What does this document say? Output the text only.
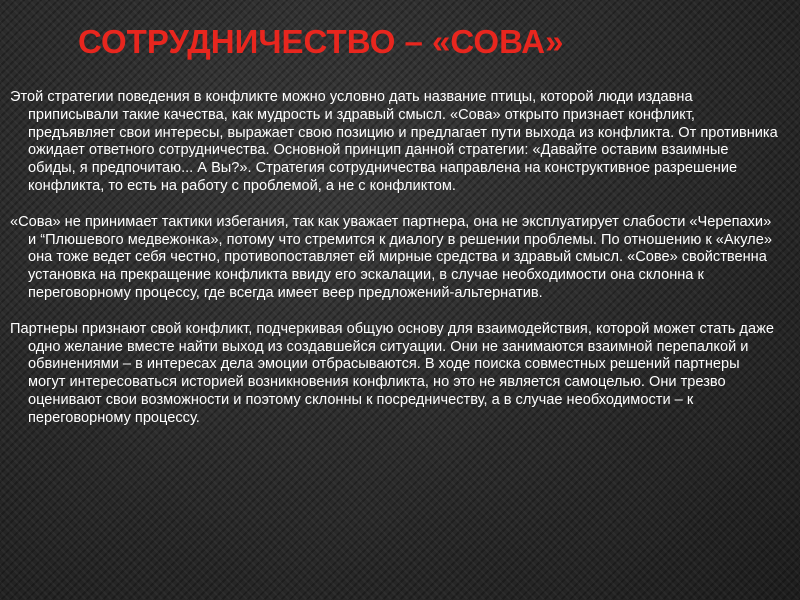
СОТРУДНИЧЕСТВО – «СОВА»

Этой стратегии поведения в конфликте можно условно дать название птицы, которой люди издавна приписывали такие качества, как мудрость и здравый смысл. «Сова» открыто признает конфликт, предъявляет свои интересы, выражает свою позицию и предлагает пути выхода из конфликта. От противника ожидает ответного сотрудничества. Основной принцип данной стратегии: «Давайте оставим взаимные обиды, я предпочитаю... А Вы?». Стратегия сотрудничества направлена на конструктивное разрешение конфликта, то есть на работу с проблемой, а не с конфликтом.

«Сова» не принимает тактики избегания, так как уважает партнера, она не эксплуатирует слабости «Черепахи» и “Плюшевого медвежонка», потому что стремится к диалогу в решении проблемы. По отношению к «Акуле» она тоже ведет себя честно, противопоставляет ей мирные средства и здравый смысл. «Сове» свойственна установка на прекращение конфликта ввиду его эскалации, в случае необходимости она склонна к переговорному процессу, где всегда имеет веер предложений-альтернатив.

Партнеры признают свой конфликт, подчеркивая общую основу для взаимодействия, которой может стать даже одно желание вместе найти выход из создавшейся ситуации. Они не занимаются взаимной перепалкой и обвинениями – в интересах дела эмоции отбрасываются. В ходе поиска совместных решений партнеры могут интересоваться историей возникновения конфликта, но это не является самоцелью. Они трезво оценивают свои возможности и поэтому склонны к посредничеству, а в случае необходимости – к переговорному процессу.
